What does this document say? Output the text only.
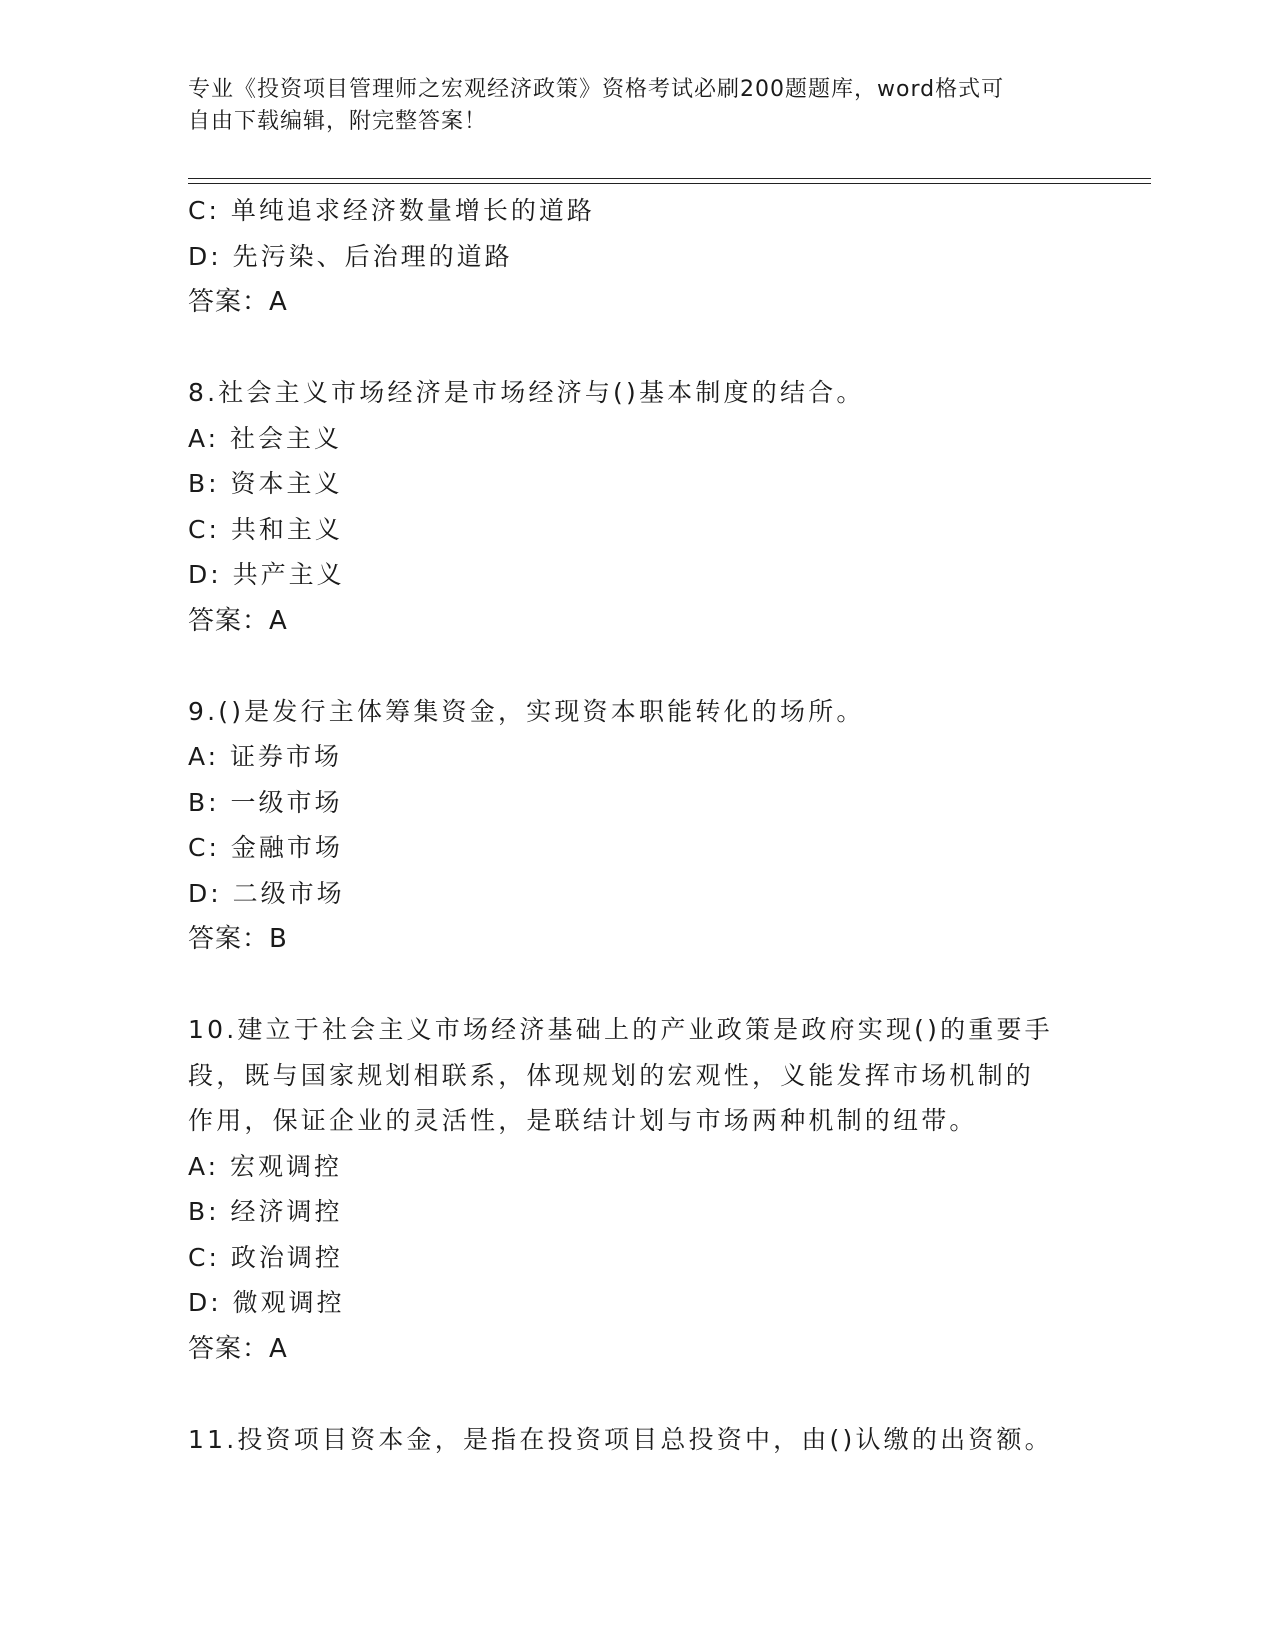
专业《投资项目管理师之宏观经济政策》资格考试必刷200题题库，word格式可
自由下载编辑，附完整答案！
C: 单纯追求经济数量增长的道路
D: 先污染、后治理的道路
答案：A
8.社会主义市场经济是市场经济与()基本制度的结合。
A: 社会主义
B: 资本主义
C: 共和主义
D: 共产主义
答案：A
9.()是发行主体筹集资金，实现资本职能转化的场所。
A: 证券市场
B: 一级市场
C: 金融市场
D: 二级市场
答案：B
10.建立于社会主义市场经济基础上的产业政策是政府实现()的重要手
段，既与国家规划相联系，体现规划的宏观性，义能发挥市场机制的
作用，保证企业的灵活性，是联结计划与市场两种机制的纽带。
A: 宏观调控
B: 经济调控
C: 政治调控
D: 微观调控
答案：A
11.投资项目资本金，是指在投资项目总投资中，由()认缴的出资额。
